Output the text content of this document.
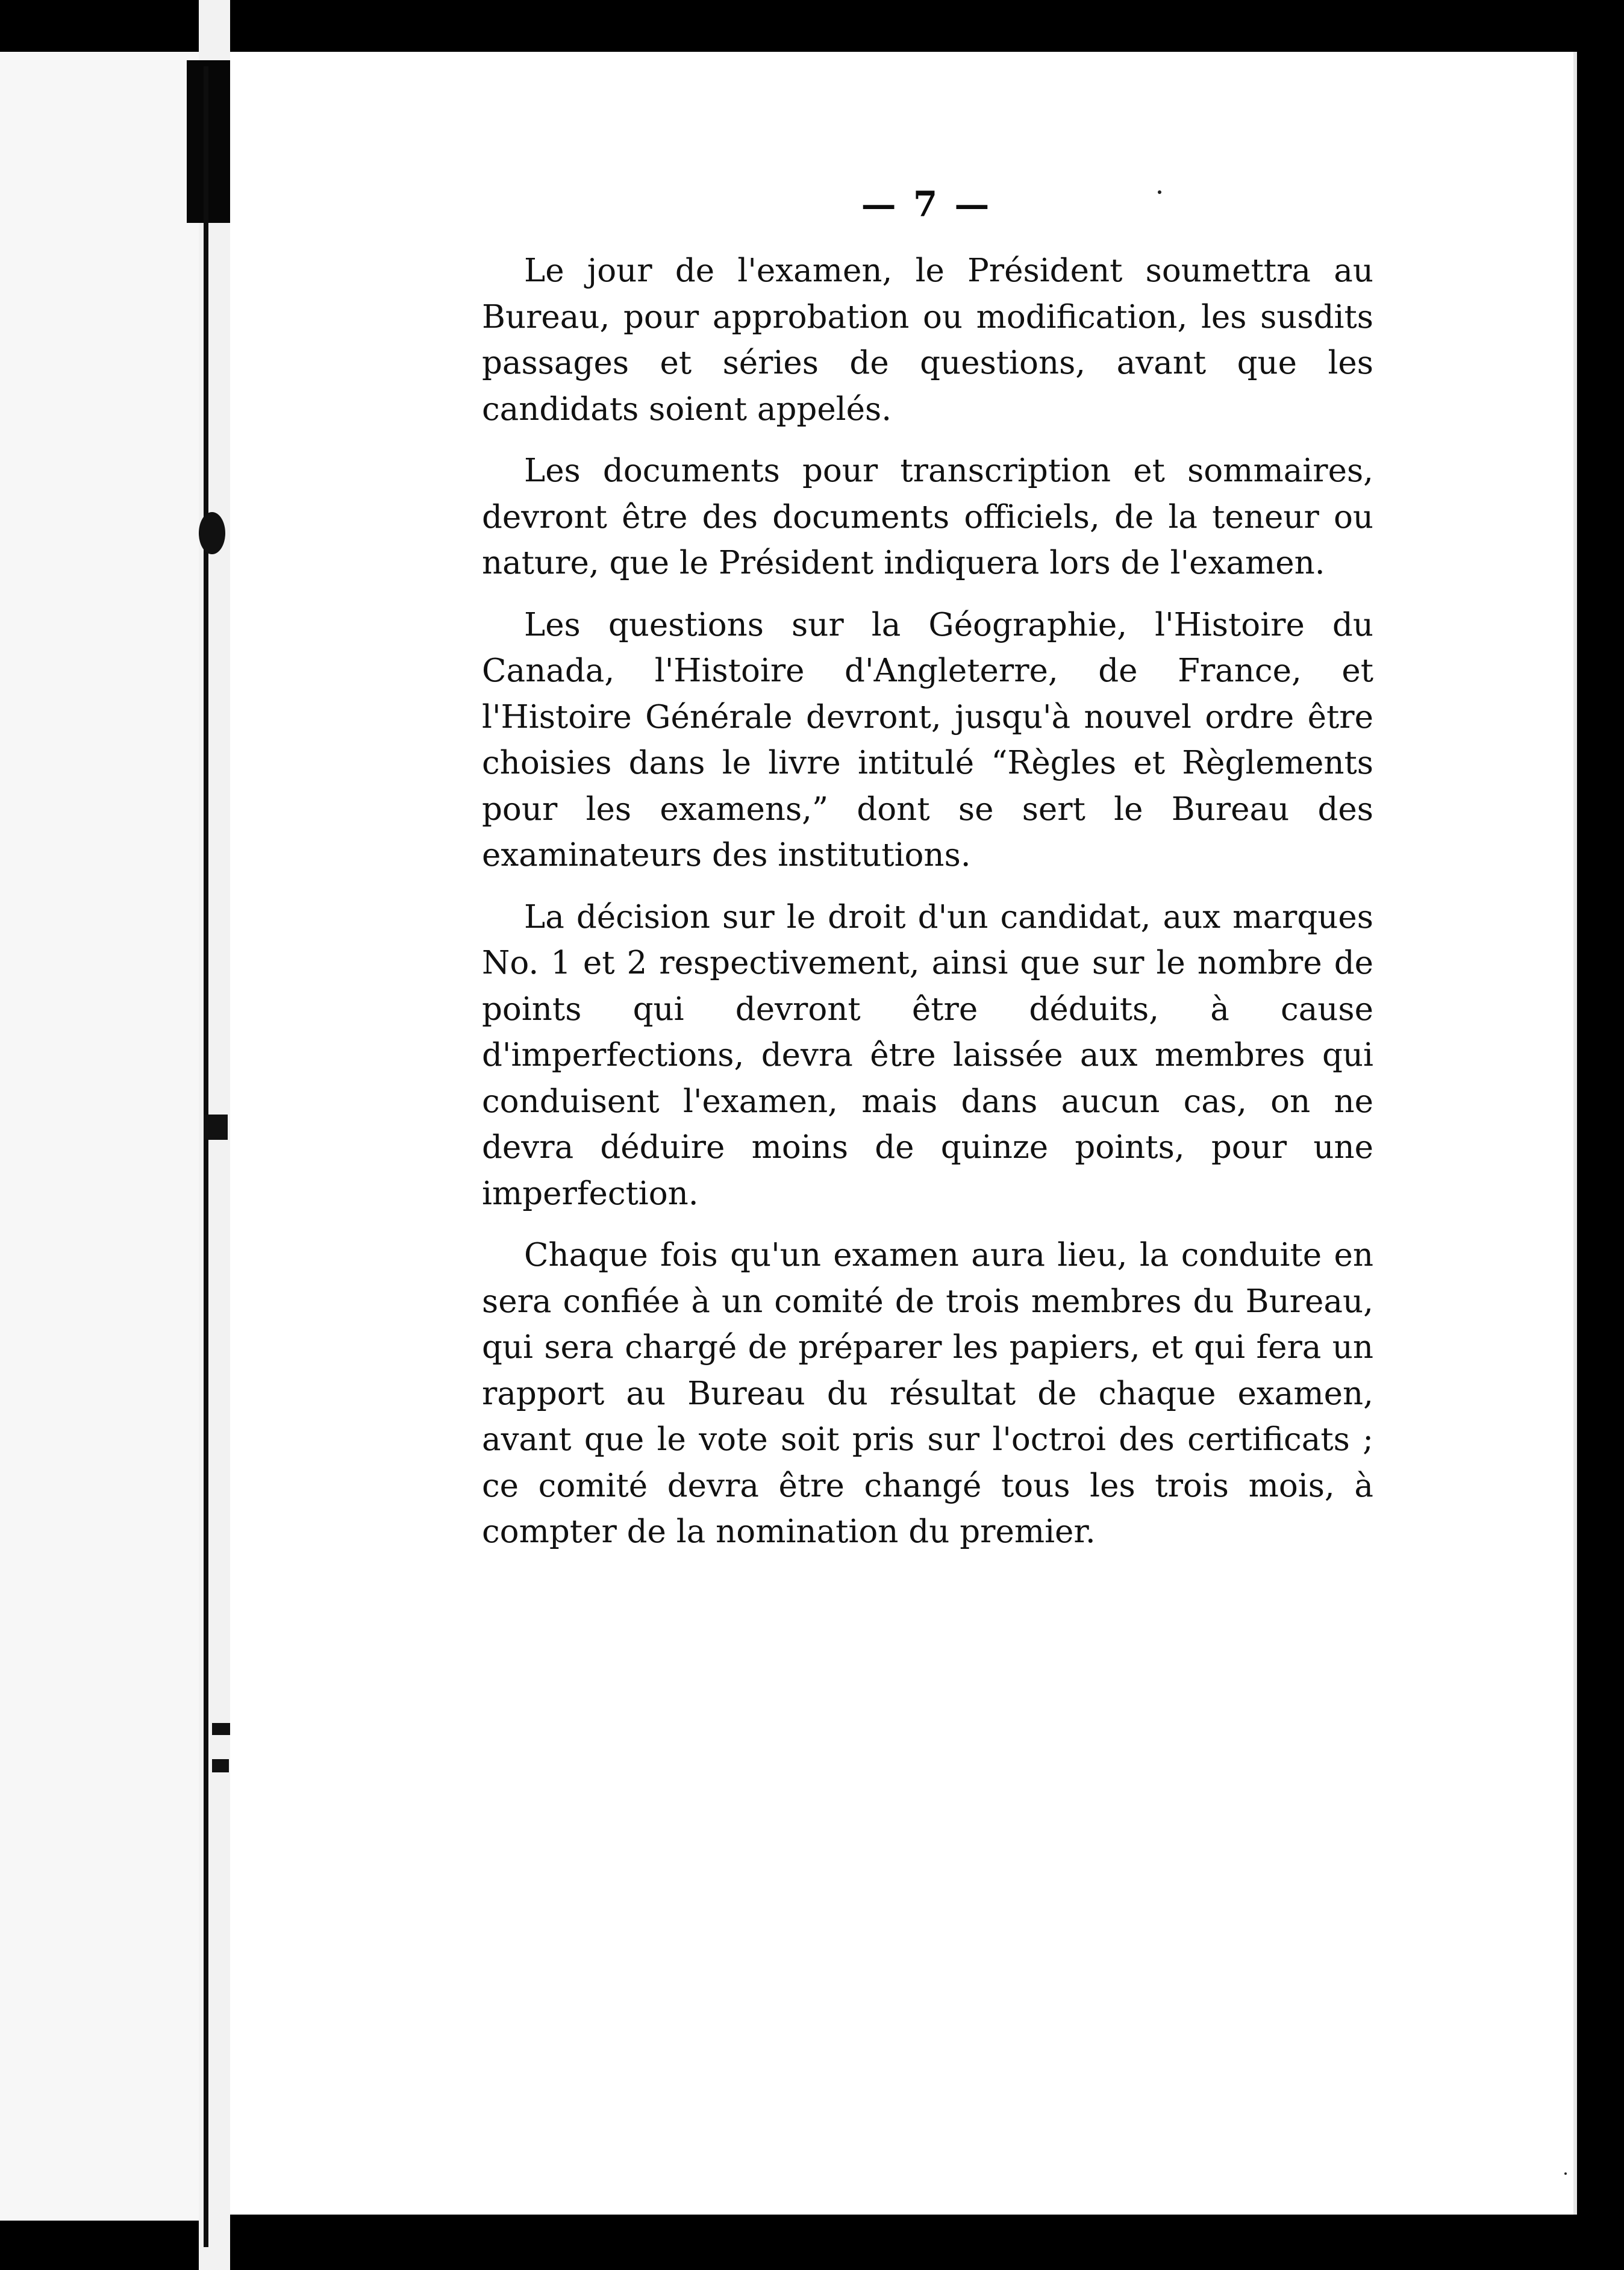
— 7 —

Le jour de l'examen, le Président soumettra au Bureau, pour approbation ou modification, les susdits passages et séries de questions, avant que les candidats soient appelés.

Les documents pour transcription et sommaires, devront être des documents officiels, de la teneur ou nature, que le Président indiquera lors de l'examen.

Les questions sur la Géographie, l'Histoire du Canada, l'Histoire d'Angleterre, de France, et l'Histoire Générale devront, jusqu'à nouvel ordre être choisies dans le livre intitulé “Règles et Règlements pour les examens,” dont se sert le Bureau des examinateurs des institutions.

La décision sur le droit d'un candidat, aux marques No. 1 et 2 respectivement, ainsi que sur le nombre de points qui devront être déduits, à cause d'imperfections, devra être laissée aux membres qui conduisent l'examen, mais dans aucun cas, on ne devra déduire moins de quinze points, pour une imperfection.

Chaque fois qu'un examen aura lieu, la conduite en sera confiée à un comité de trois membres du Bureau, qui sera chargé de préparer les papiers, et qui fera un rapport au Bureau du résultat de chaque examen, avant que le vote soit pris sur l'octroi des certificats ; ce comité devra être changé tous les trois mois, à compter de la nomination du premier.
